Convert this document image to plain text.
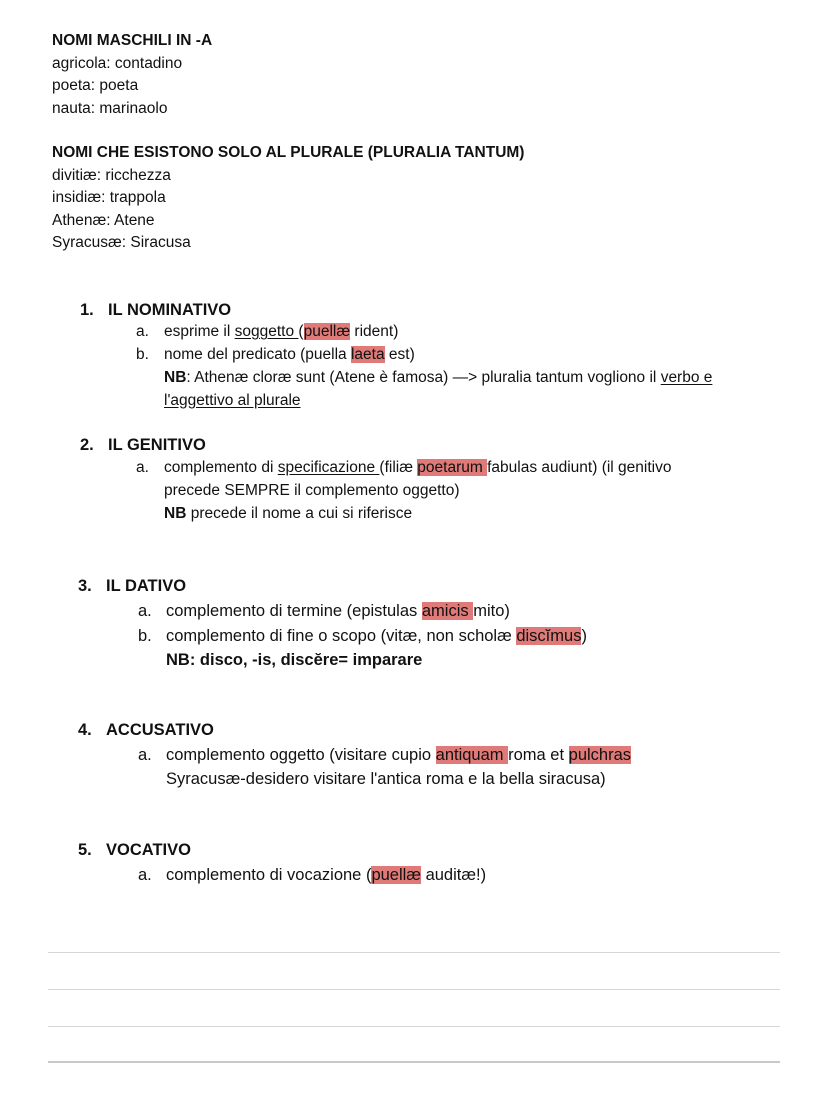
NOMI MASCHILI IN -A
agricola: contadino
poeta: poeta
nauta: marinaolo
NOMI CHE ESISTONO SOLO AL PLURALE (PLURALIA TANTUM)
divitiæ: ricchezza
insidiæ: trappola
Athenæ: Atene
Syracusæ: Siracusa
1. IL NOMINATIVO
a. esprime il soggetto (puellæ rident)
b. nome del predicato (puella laeta est)
NB: Athenæ cloræ sunt (Atene è famosa) —> pluralia tantum vogliono il verbo e
l'aggettivo al plurale
2. IL GENITIVO
a. complemento di specificazione (filiæ poetarum fabulas audiunt) (il genitivo
precede SEMPRE il complemento oggetto)
NB precede il nome a cui si riferisce
3. IL DATIVO
a. complemento di termine (epistulas amicis mito)
b. complemento di fine o scopo (vitæ, non scholæ discĭmus)
NB: disco, -is, discĕre= imparare
4. ACCUSATIVO
a. complemento oggetto (visitare cupio antiquam roma et pulchras
Syracusæ-desidero visitare l'antica roma e la bella siracusa)
5. VOCATIVO
a. complemento di vocazione (puellæ auditæ!)
